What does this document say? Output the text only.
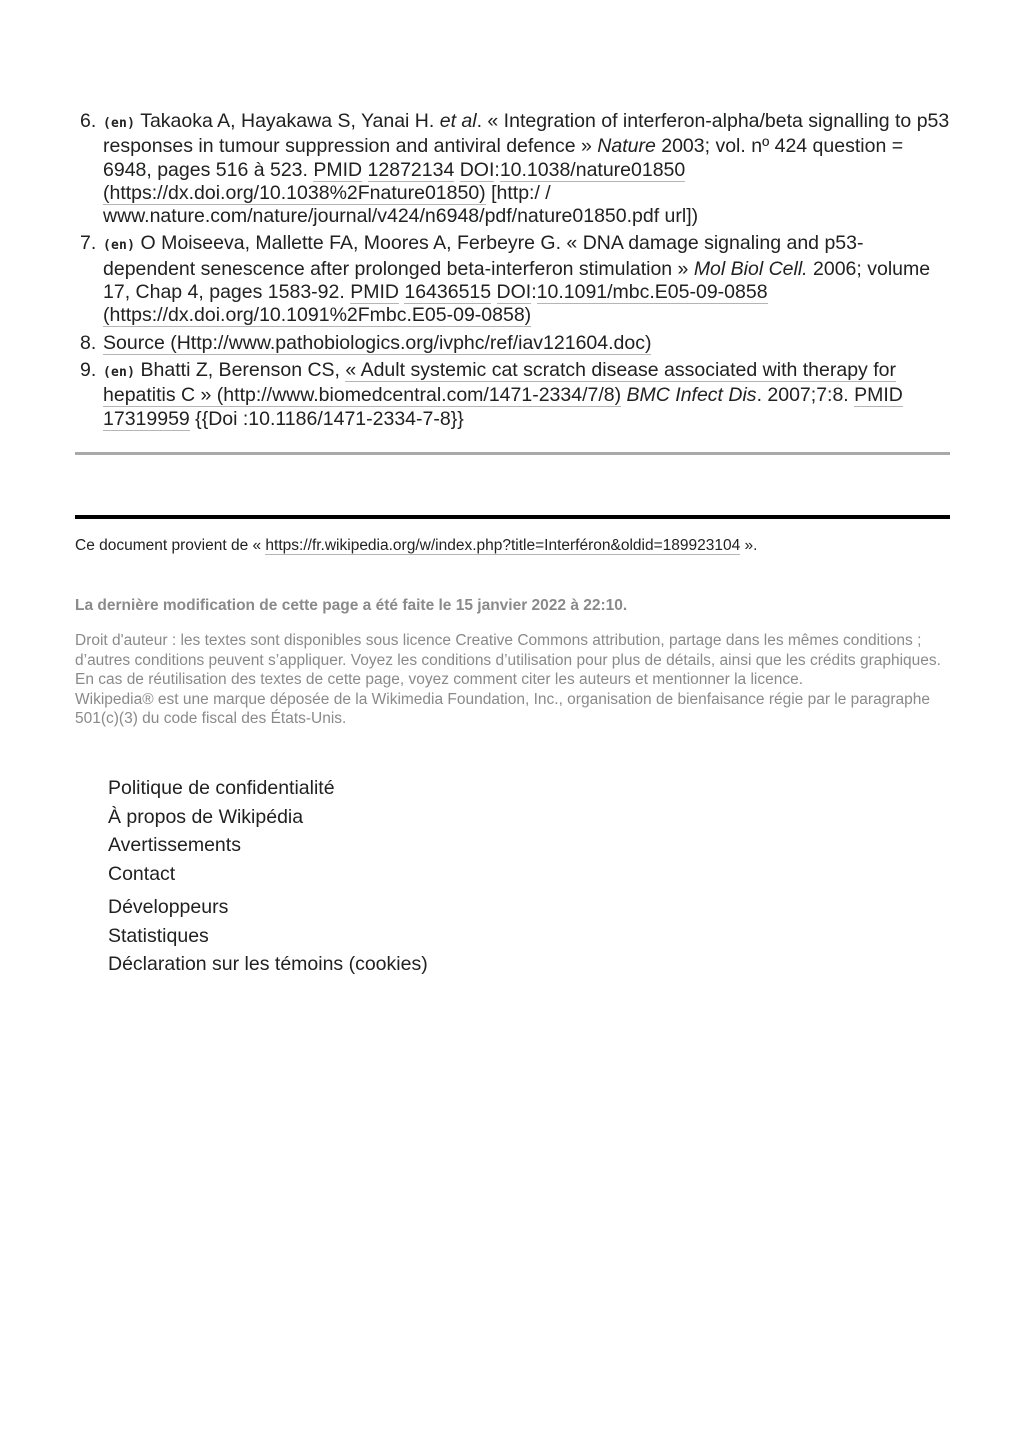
6. (en) Takaoka A, Hayakawa S, Yanai H. et al. « Integration of interferon-alpha/beta signalling to p53 responses in tumour suppression and antiviral defence » Nature 2003; vol. nº 424 question = 6948, pages 516 à 523. PMID 12872134 DOI:10.1038/nature01850 (https://dx.doi.org/10.1038%2Fnature01850) [http:/ / www.nature.com/nature/journal/v424/n6948/pdf/nature01850.pdf url])
7. (en) O Moiseeva, Mallette FA, Moores A, Ferbeyre G. « DNA damage signaling and p53-dependent senescence after prolonged beta-interferon stimulation » Mol Biol Cell. 2006; volume 17, Chap 4, pages 1583-92. PMID 16436515 DOI:10.1091/mbc.E05-09-0858 (https://dx.doi.org/10.1091%2Fmbc.E05-09-0858)
8. Source (Http://www.pathobiologics.org/ivphc/ref/iav121604.doc)
9. (en) Bhatti Z, Berenson CS, « Adult systemic cat scratch disease associated with therapy for hepatitis C » (http://www.biomedcentral.com/1471-2334/7/8) BMC Infect Dis. 2007;7:8. PMID 17319959 {{Doi :10.1186/1471-2334-7-8}}
Ce document provient de « https://fr.wikipedia.org/w/index.php?title=Interféron&oldid=189923104 ».
La dernière modification de cette page a été faite le 15 janvier 2022 à 22:10.
Droit d'auteur : les textes sont disponibles sous licence Creative Commons attribution, partage dans les mêmes conditions ; d’autres conditions peuvent s’appliquer. Voyez les conditions d’utilisation pour plus de détails, ainsi que les crédits graphiques. En cas de réutilisation des textes de cette page, voyez comment citer les auteurs et mentionner la licence.
Wikipedia® est une marque déposée de la Wikimedia Foundation, Inc., organisation de bienfaisance régie par le paragraphe 501(c)(3) du code fiscal des États-Unis.
Politique de confidentialité
À propos de Wikipédia
Avertissements
Contact
Développeurs
Statistiques
Déclaration sur les témoins (cookies)
